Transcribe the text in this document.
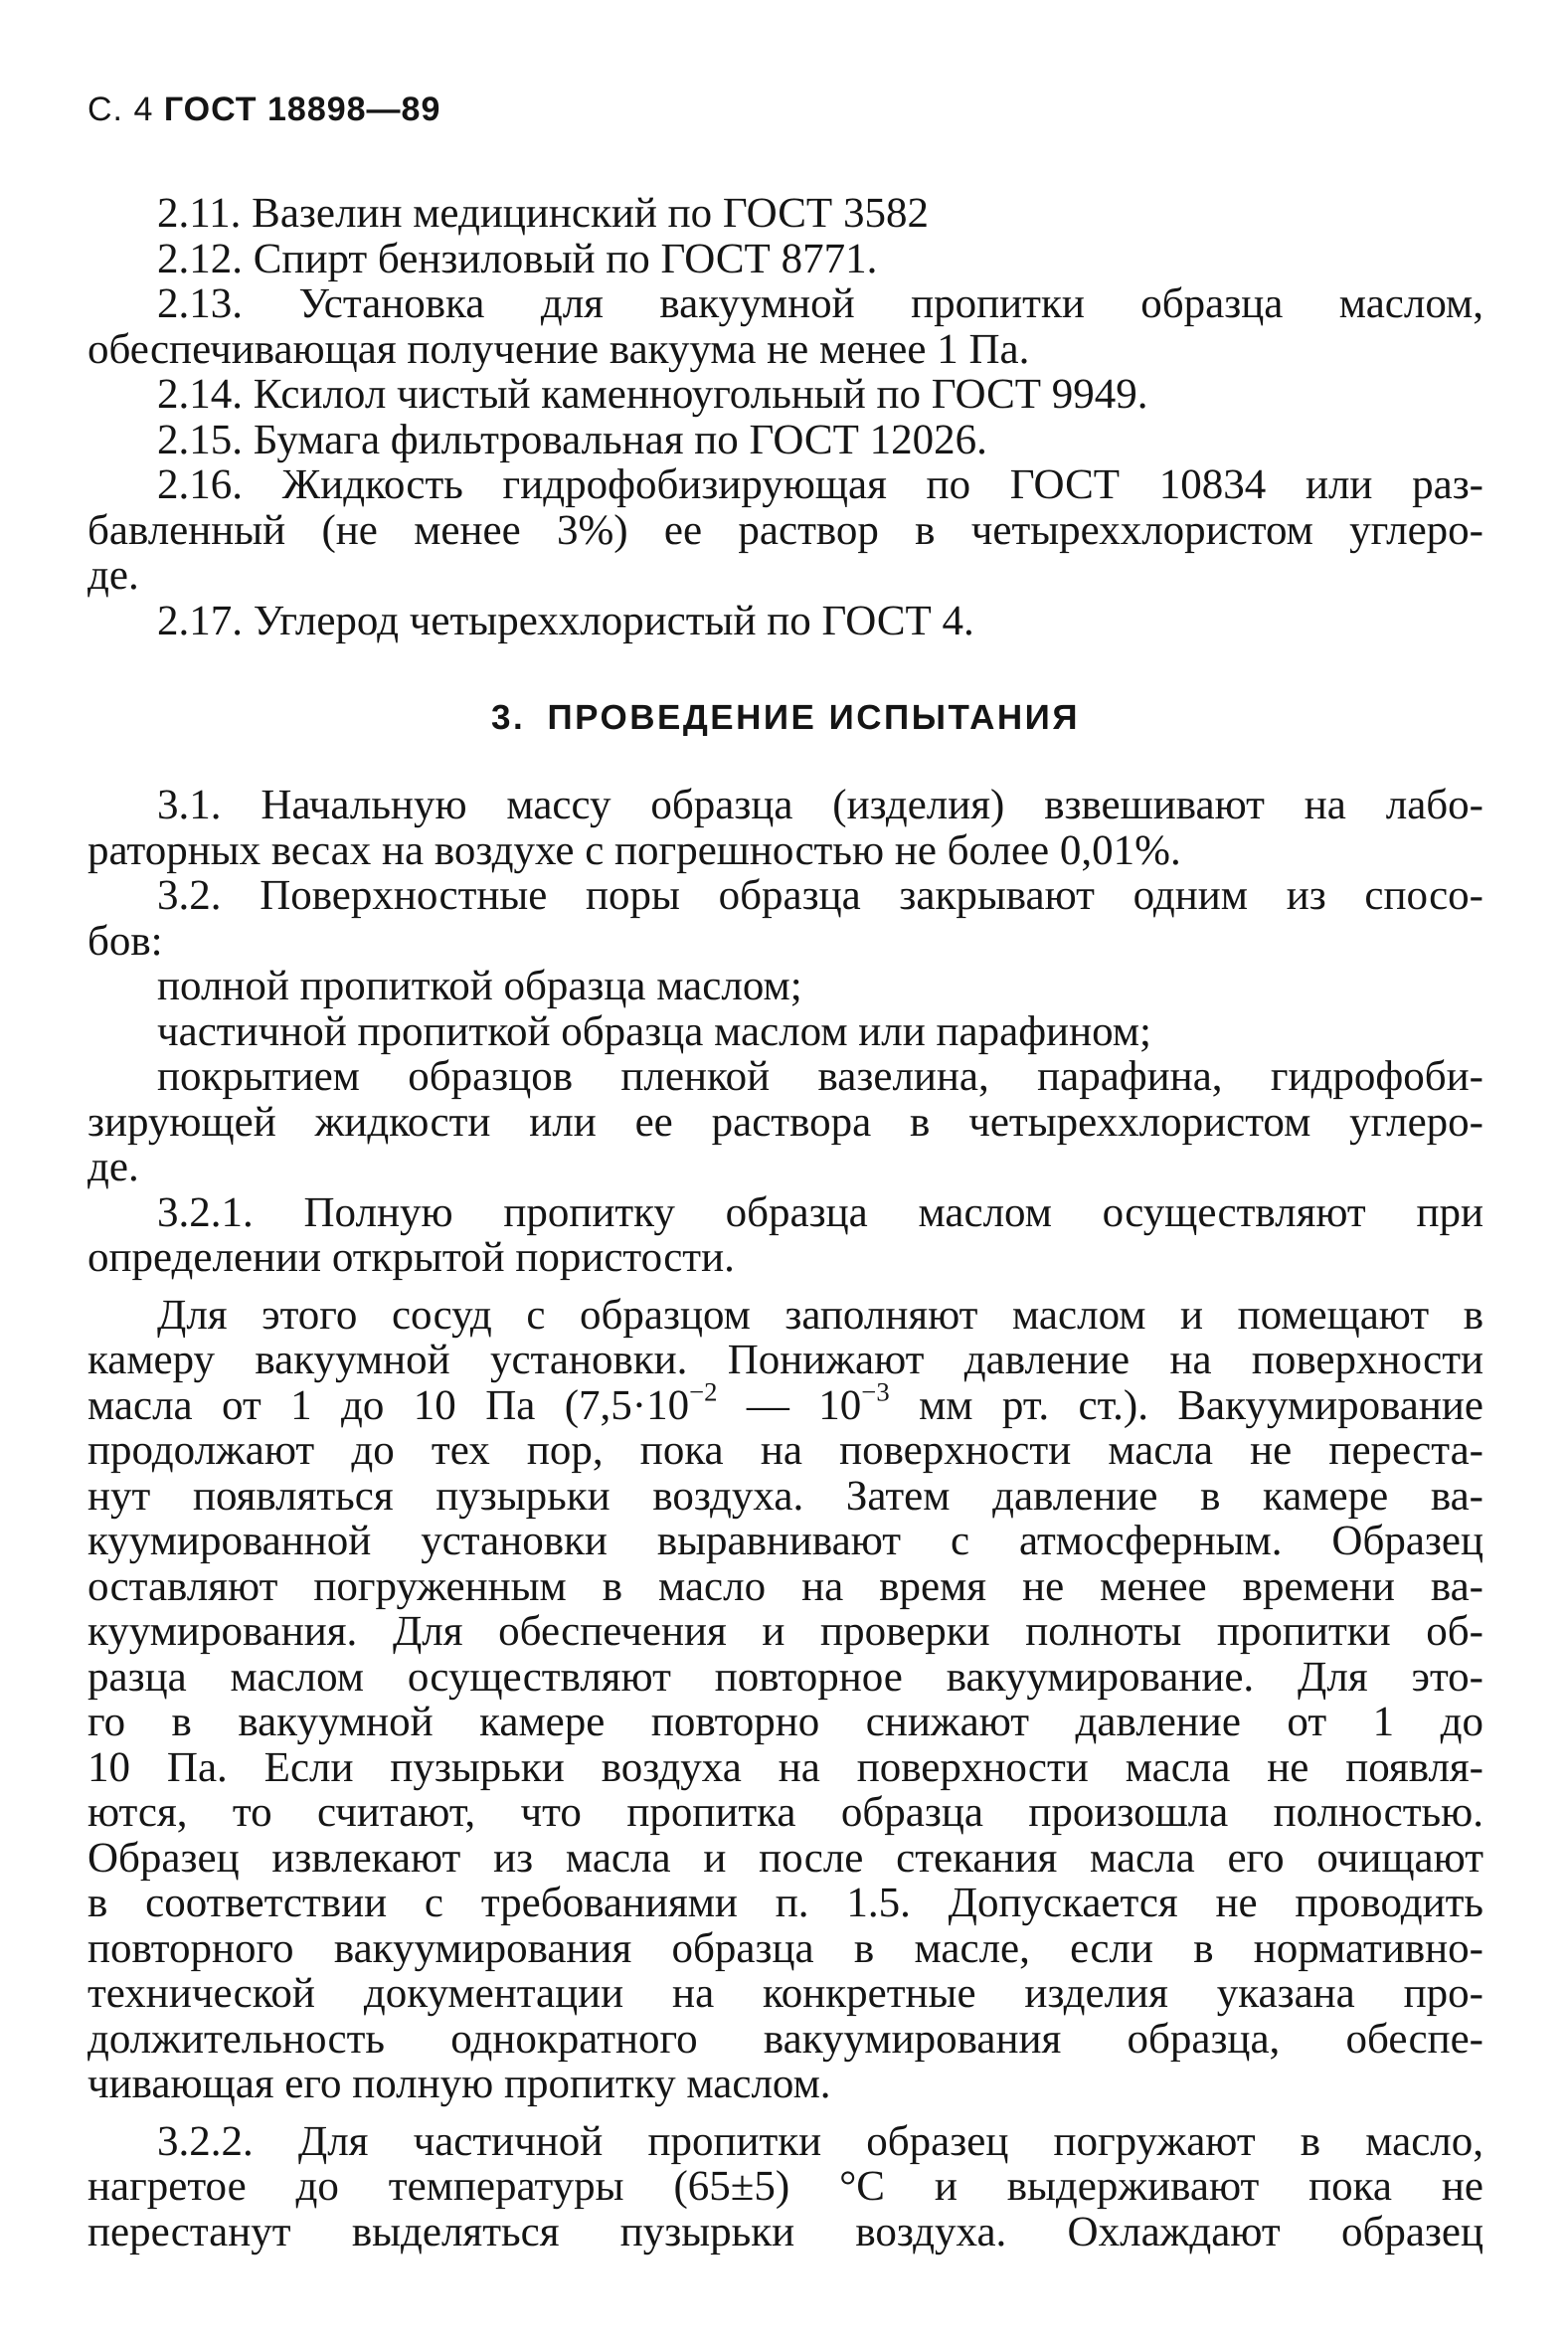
С. 4 ГОСТ 18898—89
2.11. Вазелин медицинский по ГОСТ 3582
2.12. Спирт бензиловый по ГОСТ 8771.
2.13. Установка для вакуумной пропитки образца маслом,
обеспечивающая получение вакуума не менее 1 Па.
2.14. Ксилол чистый каменноугольный по ГОСТ 9949.
2.15. Бумага фильтровальная по ГОСТ 12026.
2.16. Жидкость гидрофобизирующая по ГОСТ 10834 или раз-
бавленный (не менее 3%) ее раствор в четыреххлористом углеро-
де.
2.17. Углерод четыреххлористый по ГОСТ 4.
3. ПРОВЕДЕНИЕ ИСПЫТАНИЯ
3.1. Начальную массу образца (изделия) взвешивают на лабо-
раторных весах на воздухе с погрешностью не более 0,01%.
3.2. Поверхностные поры образца закрывают одним из спосо-
бов:
полной пропиткой образца маслом;
частичной пропиткой образца маслом или парафином;
покрытием образцов пленкой вазелина, парафина, гидрофоби-
зирующей жидкости или ее раствора в четыреххлористом углеро-
де.
3.2.1. Полную пропитку образца маслом осуществляют при
определении открытой пористости.
Для этого сосуд с образцом заполняют маслом и помещают в
камеру вакуумной установки. Понижают давление на поверхности
масла от 1 до 10 Па ($7,5\cdot 10^{-2}$ — $10^{-3}$ мм рт. ст.). Вакуумирование
продолжают до тех пор, пока на поверхности масла не переста-
нут появляться пузырьки воздуха. Затем давление в камере ва-
куумированной установки выравнивают с атмосферным. Образец
оставляют погруженным в масло на время не менее времени ва-
куумирования. Для обеспечения и проверки полноты пропитки об-
разца маслом осуществляют повторное вакуумирование. Для это-
го в вакуумной камере повторно снижают давление от 1 до
10 Па. Если пузырьки воздуха на поверхности масла не появля-
ются, то считают, что пропитка образца произошла полностью.
Образец извлекают из масла и после стекания масла его очищают
в соответствии с требованиями п. 1.5. Допускается не проводить
повторного вакуумирования образца в масле, если в нормативно-
технической документации на конкретные изделия указана про-
должительность однократного вакуумирования образца, обеспе-
чивающая его полную пропитку маслом.
3.2.2. Для частичной пропитки образец погружают в масло,
нагретое до температуры (65±5) °С и выдерживают пока не
перестанут выделяться пузырьки воздуха. Охлаждают образец
